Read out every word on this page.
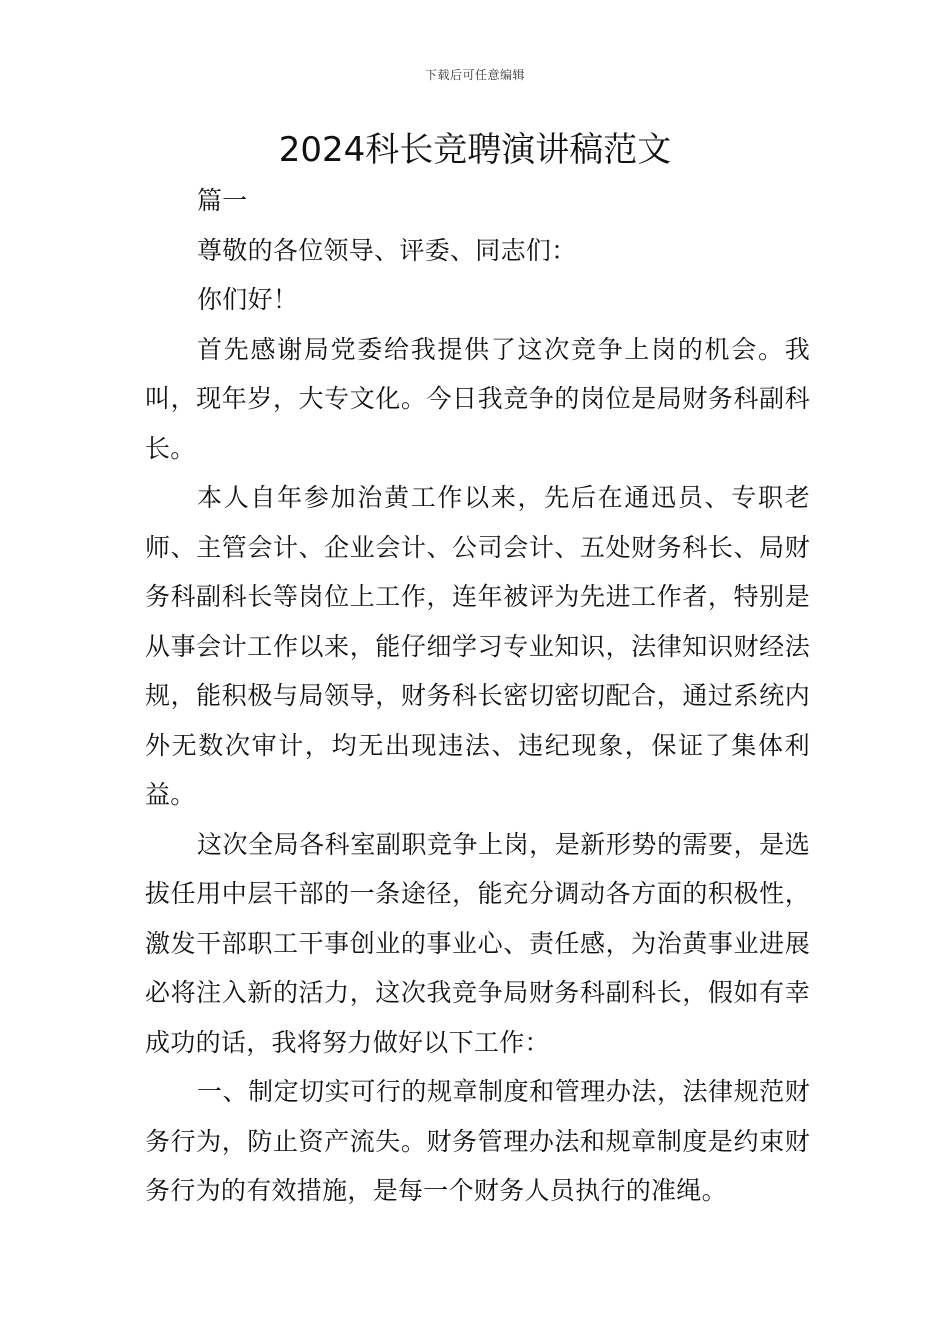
下载后可任意编辑
2024科长竞聘演讲稿范文

篇一

尊敬的各位领导、评委、同志们：

你们好！

首先感谢局党委给我提供了这次竞争上岗的机会。我叫，现年岁，大专文化。今日我竞争的岗位是局财务科副科长。

本人自年参加治黄工作以来，先后在通迅员、专职老师、主管会计、企业会计、公司会计、五处财务科长、局财务科副科长等岗位上工作，连年被评为先进工作者，特别是从事会计工作以来，能仔细学习专业知识，法律知识财经法规，能积极与局领导，财务科长密切密切配合，通过系统内外无数次审计，均无出现违法、违纪现象，保证了集体利益。

这次全局各科室副职竞争上岗，是新形势的需要，是选拔任用中层干部的一条途径，能充分调动各方面的积极性，激发干部职工干事创业的事业心、责任感，为治黄事业进展必将注入新的活力，这次我竞争局财务科副科长，假如有幸成功的话，我将努力做好以下工作：

一、制定切实可行的规章制度和管理办法，法律规范财务行为，防止资产流失。财务管理办法和规章制度是约束财务行为的有效措施，是每一个财务人员执行的准绳。
